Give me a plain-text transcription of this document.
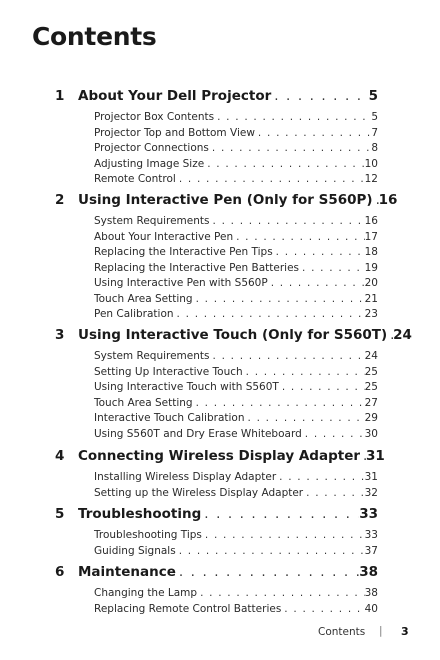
Contents
1	About Your Dell Projector . . .	5
Projector Box Contents . . .	5
Projector Top and Bottom View . . .	7
Projector Connections . . .	8
Adjusting Image Size . . .	10
Remote Control . . .	12
2	Using Interactive Pen (Only for S560P) . . . 16
System Requirements . . .	16
About Your Interactive Pen . . .	17
Replacing the Interactive Pen Tips . . .	18
Replacing the Interactive Pen Batteries . . .	19
Using Interactive Pen with S560P . . .	20
Touch Area Setting . . .	21
Pen Calibration . . .	23
3	Using Interactive Touch (Only for S560T) . . . 24
System Requirements . . .	24
Setting Up Interactive Touch . . .	25
Using Interactive Touch with S560T . . .	25
Touch Area Setting . . .	27
Interactive Touch Calibration . . .	29
Using S560T and Dry Erase Whiteboard . . .	30
4	Connecting Wireless Display Adapter . . . 31
Installing Wireless Display Adapter . . .	31
Setting up the Wireless Display Adapter . . .	32
5	Troubleshooting . . .	33
Troubleshooting Tips . . .	33
Guiding Signals . . .	37
6	Maintenance . . .	38
Changing the Lamp . . .	38
Replacing Remote Control Batteries . . .	40
Contents | 3
